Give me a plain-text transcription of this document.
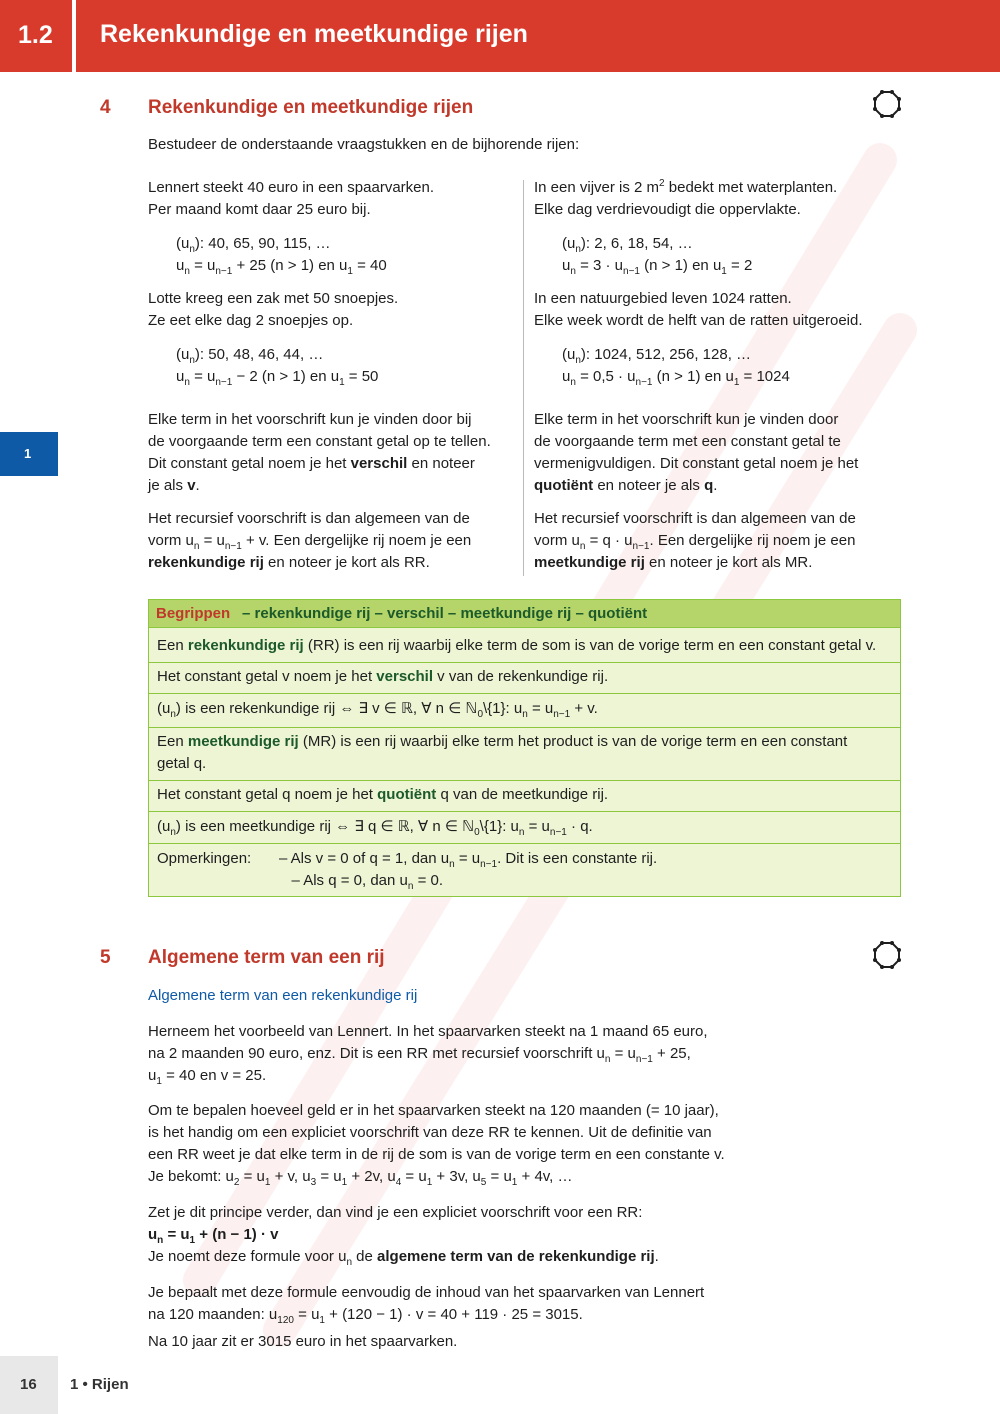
1.2 Rekenkundige en meetkundige rijen
1
4 Rekenkundige en meetkundige rijen
Bestudeer de onderstaande vraagstukken en de bijhorende rijen:
Lennert steekt 40 euro in een spaarvarken.
Per maand komt daar 25 euro bij.
$(u_n)$: 40, 65, 90, 115, …
$u_n = u_{n-1} + 25$ (n > 1) en $u_1 = 40$
Lotte kreeg een zak met 50 snoepjes.
Ze eet elke dag 2 snoepjes op.
$(u_n)$: 50, 48, 46, 44, …
$u_n = u_{n-1} - 2$ (n > 1) en $u_1 = 50$
Elke term in het voorschrift kun je vinden door bij
de voorgaande term een constant getal op te tellen.
Dit constant getal noem je het verschil en noteer
je als v.
Het recursief voorschrift is dan algemeen van de
vorm $u_n = u_{n-1} + v$. Een dergelijke rij noem je een
rekenkundige rij en noteer je kort als RR.
In een vijver is 2 $m^2$ bedekt met waterplanten.
Elke dag verdrievoudigt die oppervlakte.
$(u_n)$: 2, 6, 18, 54, …
$u_n = 3 \cdot u_{n-1}$ (n > 1) en $u_1 = 2$
In een natuurgebied leven 1024 ratten.
Elke week wordt de helft van de ratten uitgeroeid.
$(u_n)$: 1024, 512, 256, 128, …
$u_n = 0,5 \cdot u_{n-1}$ (n > 1) en $u_1 = 1024$
Elke term in het voorschrift kun je vinden door
de voorgaande term met een constant getal te
vermenigvuldigen. Dit constant getal noem je het
quotiënt en noteer je als q.
Het recursief voorschrift is dan algemeen van de
vorm $u_n = q \cdot u_{n-1}$. Een dergelijke rij noem je een
meetkundige rij en noteer je kort als MR.
Begrippen – rekenkundige rij – verschil – meetkundige rij – quotiënt
Een rekenkundige rij (RR) is een rij waarbij elke term de som is van de vorige term en een constant getal v.
Het constant getal v noem je het verschil v van de rekenkundige rij.
$(u_n)$ is een rekenkundige rij ⇔ ∃ v ∈ ℝ, ∀ n ∈ ℕ$_0$\{1}: $u_n = u_{n-1} + v$.
Een meetkundige rij (MR) is een rij waarbij elke term het product is van de vorige term en een constant
getal q.
Het constant getal q noem je het quotiënt q van de meetkundige rij.
$(u_n)$ is een meetkundige rij ⇔ ∃ q ∈ ℝ, ∀ n ∈ ℕ$_0$\{1}: $u_n = u_{n-1} \cdot q$.
Opmerkingen: – Als v = 0 of q = 1, dan $u_n = u_{n-1}$. Dit is een constante rij.
– Als q = 0, dan $u_n = 0$.
5 Algemene term van een rij
Algemene term van een rekenkundige rij
Herneem het voorbeeld van Lennert. In het spaarvarken steekt na 1 maand 65 euro,
na 2 maanden 90 euro, enz. Dit is een RR met recursief voorschrift $u_n = u_{n-1} + 25$,
$u_1 = 40$ en v = 25.
Om te bepalen hoeveel geld er in het spaarvarken steekt na 120 maanden (= 10 jaar),
is het handig om een expliciet voorschrift van deze RR te kennen. Uit de definitie van
een RR weet je dat elke term in de rij de som is van de vorige term en een constante v.
Je bekomt: $u_2 = u_1 + v$, $u_3 = u_1 + 2v$, $u_4 = u_1 + 3v$, $u_5 = u_1 + 4v$, …
Zet je dit principe verder, dan vind je een expliciet voorschrift voor een RR:
$u_n = u_1 + (n - 1) \cdot v$
Je noemt deze formule voor $u_n$ de algemene term van de rekenkundige rij.
Je bepaalt met deze formule eenvoudig de inhoud van het spaarvarken van Lennert
na 120 maanden: $u_{120} = u_1 + (120 - 1) \cdot v = 40 + 119 \cdot 25 = 3015$.
Na 10 jaar zit er 3015 euro in het spaarvarken.
16 1 • Rijen
